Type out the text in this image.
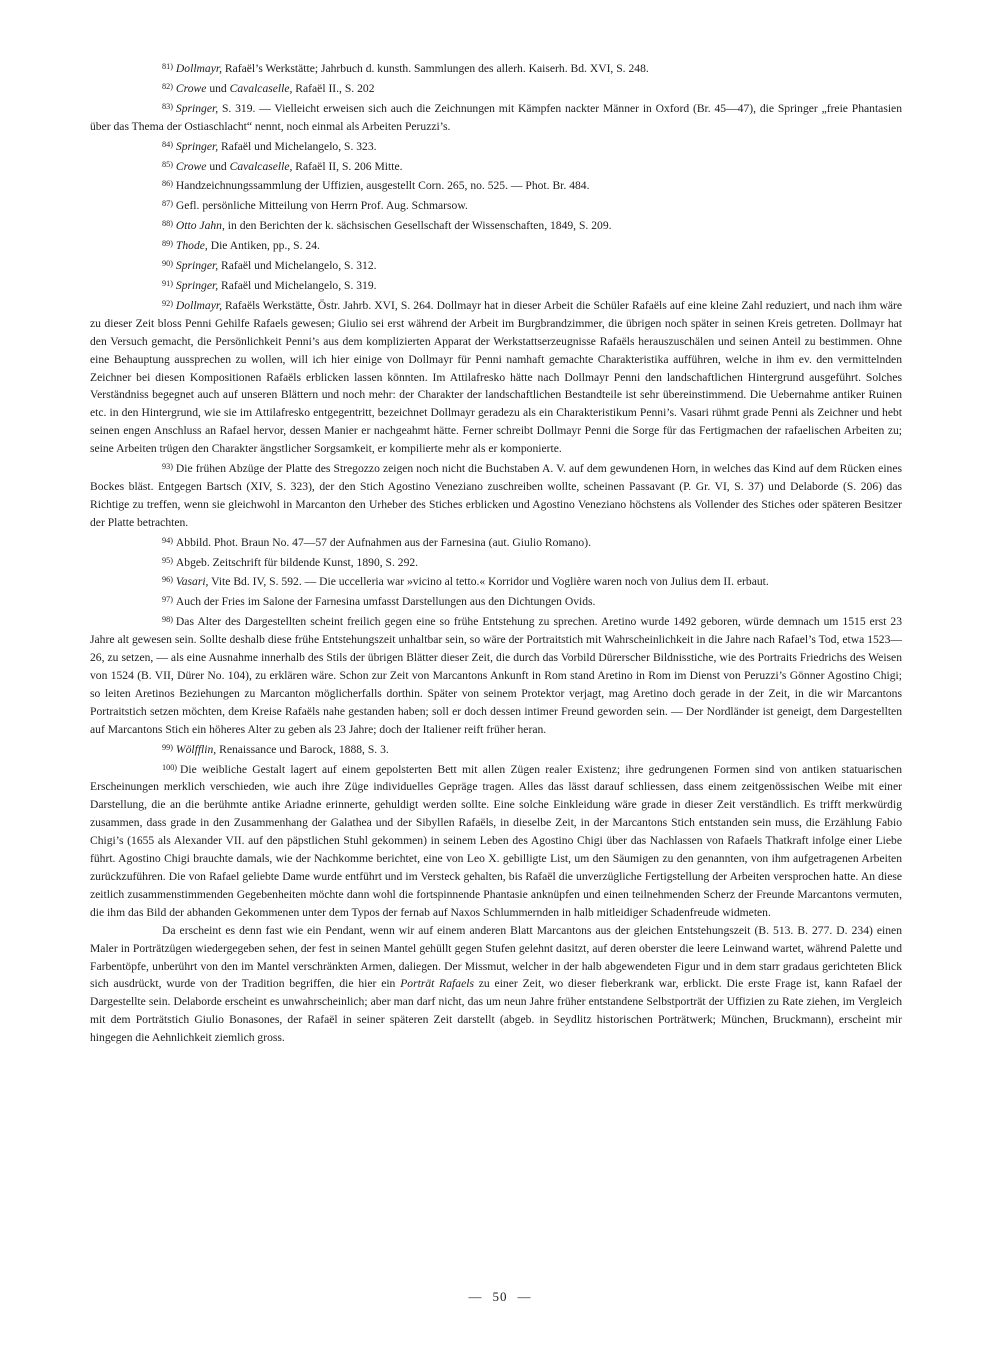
$^{81)}$ Dollmayr, Rafaël’s Werkstätte; Jahrbuch d. kunsth. Sammlungen des allerh. Kaiserh. Bd. XVI, S. 248.

$^{82)}$ Crowe und Cavalcaselle, Rafaël II., S. 202

$^{83)}$ Springer, S. 319. — Vielleicht erweisen sich auch die Zeichnungen mit Kämpfen nackter Männer in Oxford (Br. 45—47), die Springer „freie Phantasien über das Thema der Ostiaschlacht“ nennt, noch einmal als Arbeiten Peruzzi’s.

$^{84)}$ Springer, Rafaël und Michelangelo, S. 323.

$^{85)}$ Crowe und Cavalcaselle, Rafaël II, S. 206 Mitte.

$^{86)}$ Handzeichnungssammlung der Uffizien, ausgestellt Corn. 265, no. 525. — Phot. Br. 484.

$^{87)}$ Gefl. persönliche Mitteilung von Herrn Prof. Aug. Schmarsow.

$^{88)}$ Otto Jahn, in den Berichten der k. sächsischen Gesellschaft der Wissenschaften, 1849, S. 209.

$^{89)}$ Thode, Die Antiken, pp., S. 24.

$^{90)}$ Springer, Rafaël und Michelangelo, S. 312.

$^{91)}$ Springer, Rafaël und Michelangelo, S. 319.

$^{92)}$ Dollmayr, Rafaëls Werkstätte, Östr. Jahrb. XVI, S. 264. Dollmayr hat in dieser Arbeit die Schüler Rafaëls auf eine kleine Zahl reduziert, und nach ihm wäre zu dieser Zeit bloss Penni Gehilfe Rafaels gewesen; Giulio sei erst während der Arbeit im Burgbrandzimmer, die übrigen noch später in seinen Kreis getreten. Dollmayr hat den Versuch gemacht, die Persönlichkeit Penni’s aus dem komplizierten Apparat der Werkstattserzeugnisse Rafaëls herauszuschälen und seinen Anteil zu bestimmen. Ohne eine Behauptung aussprechen zu wollen, will ich hier einige von Dollmayr für Penni namhaft gemachte Charakteristika aufführen, welche in ihm ev. den vermittelnden Zeichner bei diesen Kompositionen Rafaëls erblicken lassen könnten. Im Attilafresko hätte nach Dollmayr Penni den landschaftlichen Hintergrund ausgeführt. Solches Verständniss begegnet auch auf unseren Blättern und noch mehr: der Charakter der landschaftlichen Bestandteile ist sehr übereinstimmend. Die Uebernahme antiker Ruinen etc. in den Hintergrund, wie sie im Attilafresko entgegentritt, bezeichnet Dollmayr geradezu als ein Charakteristikum Penni’s. Vasari rühmt grade Penni als Zeichner und hebt seinen engen Anschluss an Rafael hervor, dessen Manier er nachgeahmt hätte. Ferner schreibt Dollmayr Penni die Sorge für das Fertigmachen der rafaelischen Arbeiten zu; seine Arbeiten trügen den Charakter ängstlicher Sorgsamkeit, er kompilierte mehr als er komponierte.

$^{93)}$ Die frühen Abzüge der Platte des Stregozzo zeigen noch nicht die Buchstaben A. V. auf dem gewundenen Horn, in welches das Kind auf dem Rücken eines Bockes bläst. Entgegen Bartsch (XIV, S. 323), der den Stich Agostino Veneziano zuschreiben wollte, scheinen Passavant (P. Gr. VI, S. 37) und Delaborde (S. 206) das Richtige zu treffen, wenn sie gleichwohl in Marcanton den Urheber des Stiches erblicken und Agostino Veneziano höchstens als Vollender des Stiches oder späteren Besitzer der Platte betrachten.

$^{94)}$ Abbild. Phot. Braun No. 47—57 der Aufnahmen aus der Farnesina (aut. Giulio Romano).

$^{95)}$ Abgeb. Zeitschrift für bildende Kunst, 1890, S. 292.

$^{96)}$ Vasari, Vite Bd. IV, S. 592. — Die uccelleria war »vicino al tetto.« Korridor und Voglière waren noch von Julius dem II. erbaut.

$^{97)}$ Auch der Fries im Salone der Farnesina umfasst Darstellungen aus den Dichtungen Ovids.

$^{98)}$ Das Alter des Dargestellten scheint freilich gegen eine so frühe Entstehung zu sprechen. Aretino wurde 1492 geboren, würde demnach um 1515 erst 23 Jahre alt gewesen sein. Sollte deshalb diese frühe Entstehungszeit unhaltbar sein, so wäre der Portraitstich mit Wahrscheinlichkeit in die Jahre nach Rafael’s Tod, etwa 1523—26, zu setzen, — als eine Ausnahme innerhalb des Stils der übrigen Blätter dieser Zeit, die durch das Vorbild Dürerscher Bildnisstiche, wie des Portraits Friedrichs des Weisen von 1524 (B. VII, Dürer No. 104), zu erklären wäre. Schon zur Zeit von Marcantons Ankunft in Rom stand Aretino in Rom im Dienst von Peruzzi’s Gönner Agostino Chigi; so leiten Aretinos Beziehungen zu Marcanton möglicherfalls dorthin. Später von seinem Protektor verjagt, mag Aretino doch gerade in der Zeit, in die wir Marcantons Portraitstich setzen möchten, dem Kreise Rafaëls nahe gestanden haben; soll er doch dessen intimer Freund geworden sein. — Der Nordländer ist geneigt, dem Dargestellten auf Marcantons Stich ein höheres Alter zu geben als 23 Jahre; doch der Italiener reift früher heran.

$^{99)}$ Wölfflin, Renaissance und Barock, 1888, S. 3.

$^{100)}$ Die weibliche Gestalt lagert auf einem gepolsterten Bett mit allen Zügen realer Existenz; ihre gedrungenen Formen sind von antiken statuarischen Erscheinungen merklich verschieden, wie auch ihre Züge individuelles Gepräge tragen. Alles das lässt darauf schliessen, dass einem zeitgenössischen Weibe mit einer Darstellung, die an die berühmte antike Ariadne erinnerte, gehuldigt werden sollte. Eine solche Einkleidung wäre grade in dieser Zeit verständlich. Es trifft merkwürdig zusammen, dass grade in den Zusammenhang der Galathea und der Sibyllen Rafaëls, in dieselbe Zeit, in der Marcantons Stich entstanden sein muss, die Erzählung Fabio Chigi’s (1655 als Alexander VII. auf den päpstlichen Stuhl gekommen) in seinem Leben des Agostino Chigi über das Nachlassen von Rafaels Thatkraft infolge einer Liebe führt. Agostino Chigi brauchte damals, wie der Nachkomme berichtet, eine von Leo X. gebilligte List, um den Säumigen zu den genannten, von ihm aufgetragenen Arbeiten zurückzuführen. Die von Rafael geliebte Dame wurde entführt und im Versteck gehalten, bis Rafaël die unverzügliche Fertigstellung der Arbeiten versprochen hatte. An diese zeitlich zusammenstimmenden Gegebenheiten möchte dann wohl die fortspinnende Phantasie anknüpfen und einen teilnehmenden Scherz der Freunde Marcantons vermuten, die ihm das Bild der abhanden Gekommenen unter dem Typos der fernab auf Naxos Schlummernden in halb mitleidiger Schadenfreude widmeten.

Da erscheint es denn fast wie ein Pendant, wenn wir auf einem anderen Blatt Marcantons aus der gleichen Entstehungszeit (B. 513. B. 277. D. 234) einen Maler in Porträtzügen wiedergegeben sehen, der fest in seinen Mantel gehüllt gegen Stufen gelehnt dasitzt, auf deren oberster die leere Leinwand wartet, während Palette und Farbentöpfe, unberührt von den im Mantel verschränkten Armen, daliegen. Der Missmut, welcher in der halb abgewendeten Figur und in dem starr gradaus gerichteten Blick sich ausdrückt, wurde von der Tradition begriffen, die hier ein Porträt Rafaels zu einer Zeit, wo dieser fieberkrank war, erblickt. Die erste Frage ist, kann Rafael der Dargestellte sein. Delaborde erscheint es unwahrscheinlich; aber man darf nicht, das um neun Jahre früher entstandene Selbstporträt der Uffizien zu Rate ziehen, im Vergleich mit dem Porträtstich Giulio Bonasones, der Rafaël in seiner späteren Zeit darstellt (abgeb. in Seydlitz historischen Porträtwerk; München, Bruckmann), erscheint mir hingegen die Aehnlichkeit ziemlich gross.

— 50 —
